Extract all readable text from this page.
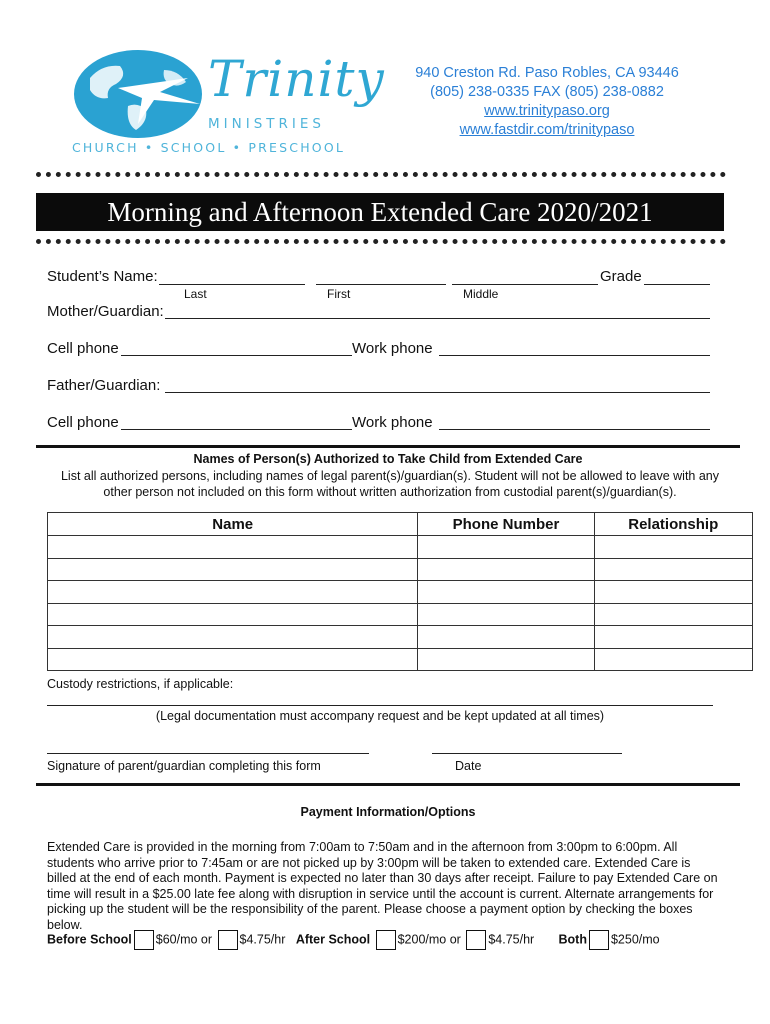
Trinity
MINISTRIES
CHURCH • SCHOOL • PRESCHOOL
940 Creston Rd. Paso Robles, CA 93446
(805) 238-0335 FAX (805) 238-0882
www.trinitypaso.org
www.fastdir.com/trinitypaso
Morning and Afternoon Extended Care 2020/2021
Student’s Name:	Grade
Last	First	Middle
Mother/Guardian:
Cell phone	Work phone
Father/Guardian:
Cell phone	Work phone
Names of Person(s) Authorized to Take Child from Extended Care
List all authorized persons, including names of legal parent(s)/guardian(s). Student will not be allowed to leave with any other person not included on this form without written authorization from custodial parent(s)/guardian(s).
Name	Phone Number	Relationship

Custody restrictions, if applicable:
(Legal documentation must accompany request and be kept updated at all times)
Signature of parent/guardian completing this form	Date
Payment Information/Options
Extended Care is provided in the morning from 7:00am to 7:50am and in the afternoon from 3:00pm to 6:00pm. All students who arrive prior to 7:45am or are not picked up by 3:00pm will be taken to extended care. Extended Care is billed at the end of each month. Payment is expected no later than 30 days after receipt. Failure to pay Extended Care on time will result in a $25.00 late fee along with disruption in service until the account is current. Alternate arrangements for picking up the student will be the responsibility of the parent. Please choose a payment option by checking the boxes below.
Before School $60/mo or $4.75/hr After School $200/mo or $4.75/hr Both $250/mo
